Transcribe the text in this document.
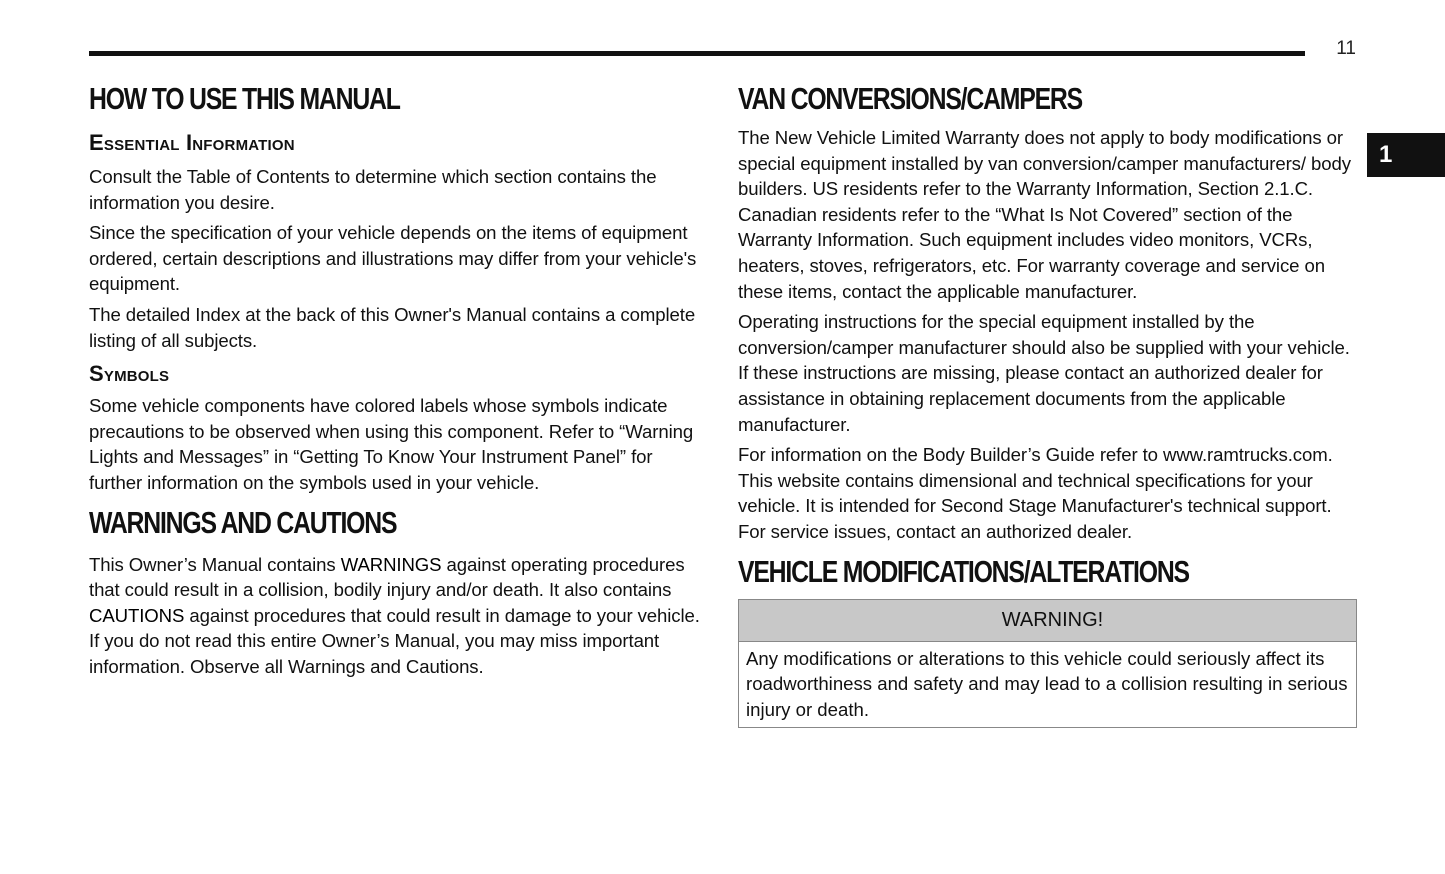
11
1
HOW TO USE THIS MANUAL
Essential Information

Consult the Table of Contents to determine which section contains the information you desire.

Since the specification of your vehicle depends on the items of equipment ordered, certain descriptions and illustrations may differ from your vehicle's equipment.

The detailed Index at the back of this Owner's Manual contains a complete listing of all subjects.

Symbols

Some vehicle components have colored labels whose symbols indicate precautions to be observed when using this component. Refer to “Warning Lights and Messages” in “Getting To Know Your Instrument Panel” for further information on the symbols used in your vehicle.

WARNINGS AND CAUTIONS

This Owner’s Manual contains WARNINGS against operating procedures that could result in a collision, bodily injury and/or death. It also contains CAUTIONS against procedures that could result in damage to your vehicle. If you do not read this entire Owner’s Manual, you may miss important information. Observe all Warnings and Cautions.

VAN CONVERSIONS/CAMPERS

The New Vehicle Limited Warranty does not apply to body modifications or special equipment installed by van conversion/camper manufacturers/ body builders. US residents refer to the Warranty Information, Section 2.1.C. Canadian residents refer to the “What Is Not Covered” section of the Warranty Information. Such equipment includes video monitors, VCRs, heaters, stoves, refrigerators, etc. For warranty coverage and service on these items, contact the applicable manufacturer.

Operating instructions for the special equipment installed by the conversion/camper manufacturer should also be supplied with your vehicle. If these instructions are missing, please contact an authorized dealer for assistance in obtaining replacement documents from the applicable manufacturer.

For information on the Body Builder’s Guide refer to www.ramtrucks.com. This website contains dimensional and technical specifications for your vehicle. It is intended for Second Stage Manufacturer's technical support. For service issues, contact an authorized dealer.

VEHICLE MODIFICATIONS/ALTERATIONS
WARNING!
Any modifications or alterations to this vehicle could seriously affect its roadworthiness and safety and may lead to a collision resulting in serious injury or death.
